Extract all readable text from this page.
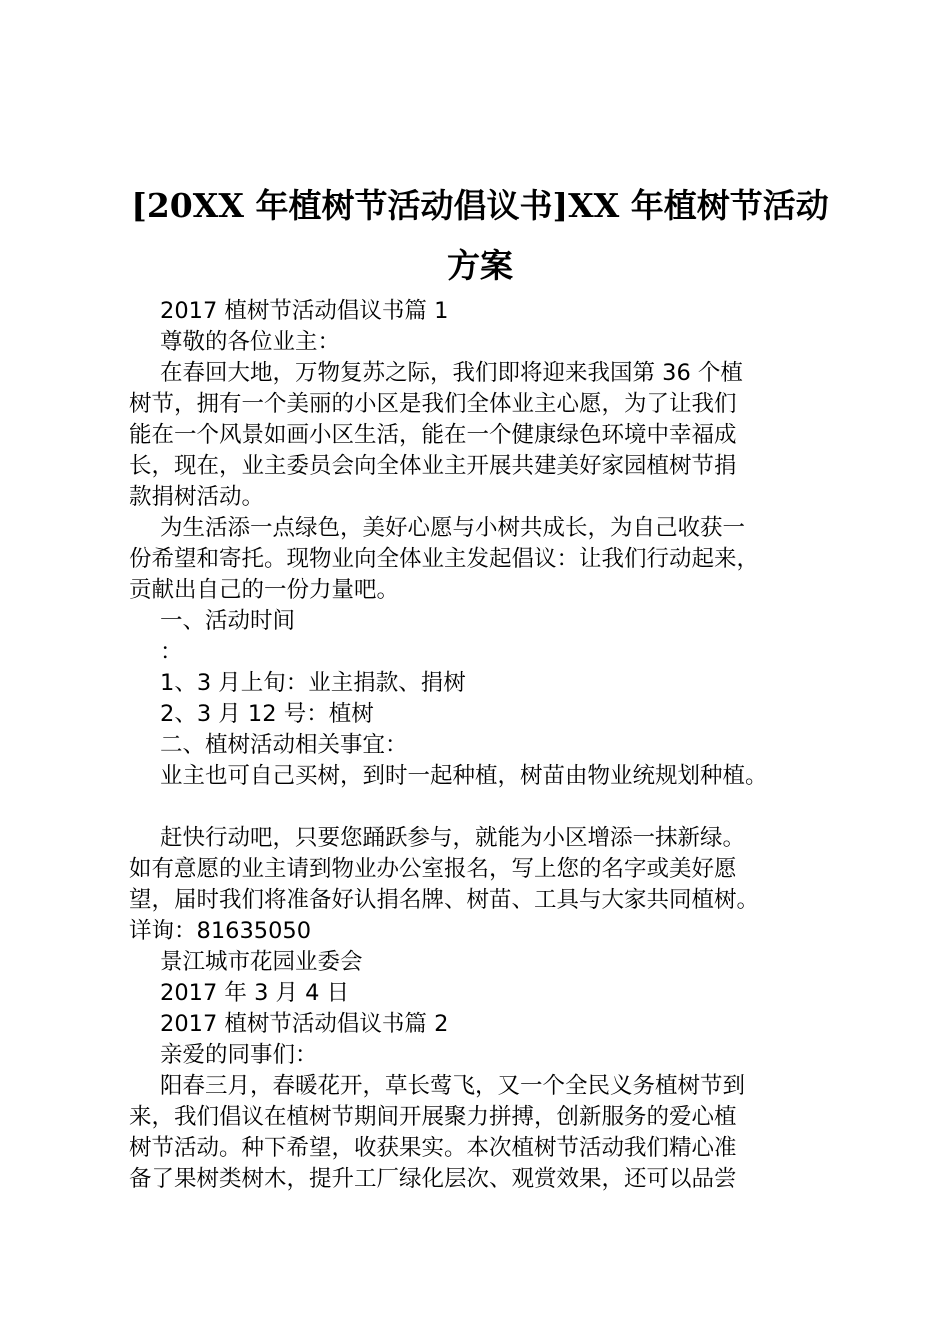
[20XX 年植树节活动倡议书]XX 年植树节活动
方案
2017 植树节活动倡议书篇 1
尊敬的各位业主：
在春回大地，万物复苏之际，我们即将迎来我国第 36 个植
树节，拥有一个美丽的小区是我们全体业主心愿，为了让我们
能在一个风景如画小区生活，能在一个健康绿色环境中幸福成
长，现在，业主委员会向全体业主开展共建美好家园植树节捐
款捐树活动。
为生活添一点绿色，美好心愿与小树共成长，为自己收获一
份希望和寄托。现物业向全体业主发起倡议：让我们行动起来，
贡献出自己的一份力量吧。
一、活动时间
：
1、3 月上旬：业主捐款、捐树
2、3 月 12 号：植树
二、植树活动相关事宜：
业主也可自己买树，到时一起种植，树苗由物业统规划种植。
赶快行动吧，只要您踊跃参与，就能为小区增添一抹新绿。
如有意愿的业主请到物业办公室报名，写上您的名字或美好愿
望，届时我们将准备好认捐名牌、树苗、工具与大家共同植树。
详询：81635050
景江城市花园业委会
2017 年 3 月 4 日
2017 植树节活动倡议书篇 2
亲爱的同事们：
阳春三月，春暖花开，草长莺飞，又一个全民义务植树节到
来，我们倡议在植树节期间开展聚力拼搏，创新服务的爱心植
树节活动。种下希望，收获果实。本次植树节活动我们精心准
备了果树类树木，提升工厂绿化层次、观赏效果，还可以品尝
